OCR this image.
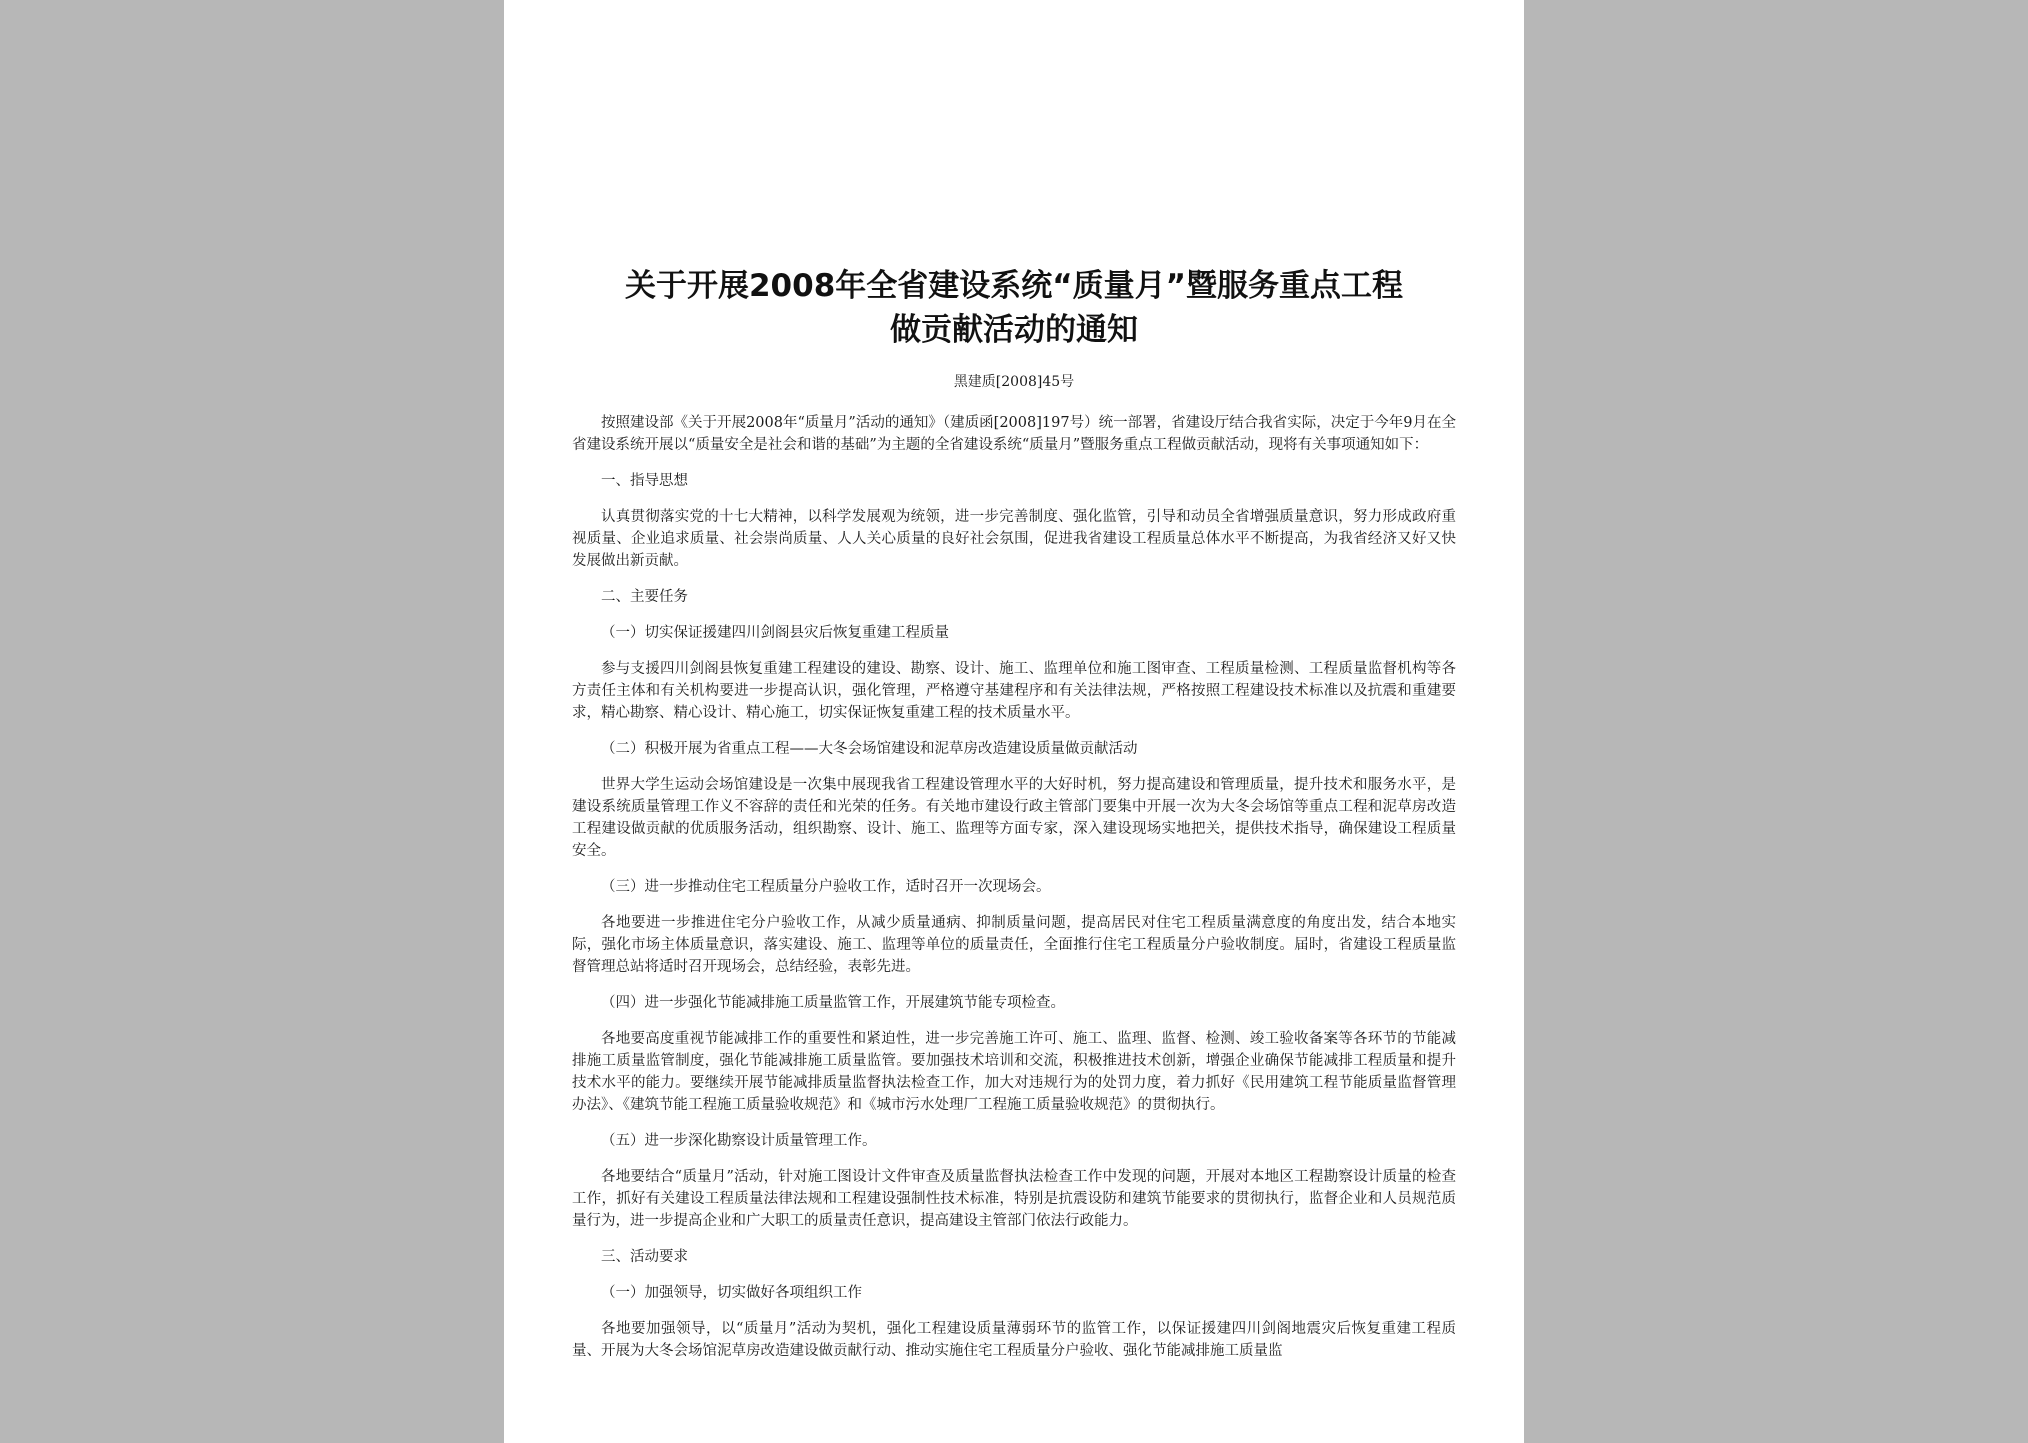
关于开展2008年全省建设系统“质量月”暨服务重点工程
做贡献活动的通知
黑建质[2008]45号

按照建设部《关于开展2008年“质量月”活动的通知》（建质函[2008]197号）统一部署，省建设厅结合我省实际，决定于今年9月在全省建设系统开展以“质量安全是社会和谐的基础”为主题的全省建设系统“质量月”暨服务重点工程做贡献活动，现将有关事项通知如下：

一、指导思想

认真贯彻落实党的十七大精神，以科学发展观为统领，进一步完善制度、强化监管，引导和动员全省增强质量意识，努力形成政府重视质量、企业追求质量、社会崇尚质量、人人关心质量的良好社会氛围，促进我省建设工程质量总体水平不断提高，为我省经济又好又快发展做出新贡献。

二、主要任务

（一）切实保证援建四川剑阁县灾后恢复重建工程质量

参与支援四川剑阁县恢复重建工程建设的建设、勘察、设计、施工、监理单位和施工图审查、工程质量检测、工程质量监督机构等各方责任主体和有关机构要进一步提高认识，强化管理，严格遵守基建程序和有关法律法规，严格按照工程建设技术标准以及抗震和重建要求，精心勘察、精心设计、精心施工，切实保证恢复重建工程的技术质量水平。

（二）积极开展为省重点工程——大冬会场馆建设和泥草房改造建设质量做贡献活动

世界大学生运动会场馆建设是一次集中展现我省工程建设管理水平的大好时机，努力提高建设和管理质量，提升技术和服务水平，是建设系统质量管理工作义不容辞的责任和光荣的任务。有关地市建设行政主管部门要集中开展一次为大冬会场馆等重点工程和泥草房改造工程建设做贡献的优质服务活动，组织勘察、设计、施工、监理等方面专家，深入建设现场实地把关，提供技术指导，确保建设工程质量安全。

（三）进一步推动住宅工程质量分户验收工作，适时召开一次现场会。

各地要进一步推进住宅分户验收工作，从减少质量通病、抑制质量问题，提高居民对住宅工程质量满意度的角度出发，结合本地实际，强化市场主体质量意识，落实建设、施工、监理等单位的质量责任，全面推行住宅工程质量分户验收制度。届时，省建设工程质量监督管理总站将适时召开现场会，总结经验，表彰先进。

（四）进一步强化节能减排施工质量监管工作，开展建筑节能专项检查。

各地要高度重视节能减排工作的重要性和紧迫性，进一步完善施工许可、施工、监理、监督、检测、竣工验收备案等各环节的节能减排施工质量监管制度，强化节能减排施工质量监管。要加强技术培训和交流，积极推进技术创新，增强企业确保节能减排工程质量和提升技术水平的能力。要继续开展节能减排质量监督执法检查工作，加大对违规行为的处罚力度，着力抓好《民用建筑工程节能质量监督管理办法》、《建筑节能工程施工质量验收规范》和《城市污水处理厂工程施工质量验收规范》的贯彻执行。

（五）进一步深化勘察设计质量管理工作。

各地要结合“质量月”活动，针对施工图设计文件审查及质量监督执法检查工作中发现的问题，开展对本地区工程勘察设计质量的检查工作，抓好有关建设工程质量法律法规和工程建设强制性技术标准，特别是抗震设防和建筑节能要求的贯彻执行，监督企业和人员规范质量行为，进一步提高企业和广大职工的质量责任意识，提高建设主管部门依法行政能力。

三、活动要求

（一）加强领导，切实做好各项组织工作

各地要加强领导，以“质量月”活动为契机，强化工程建设质量薄弱环节的监管工作，以保证援建四川剑阁地震灾后恢复重建工程质量、开展为大冬会场馆泥草房改造建设做贡献行动、推动实施住宅工程质量分户验收、强化节能减排施工质量监
